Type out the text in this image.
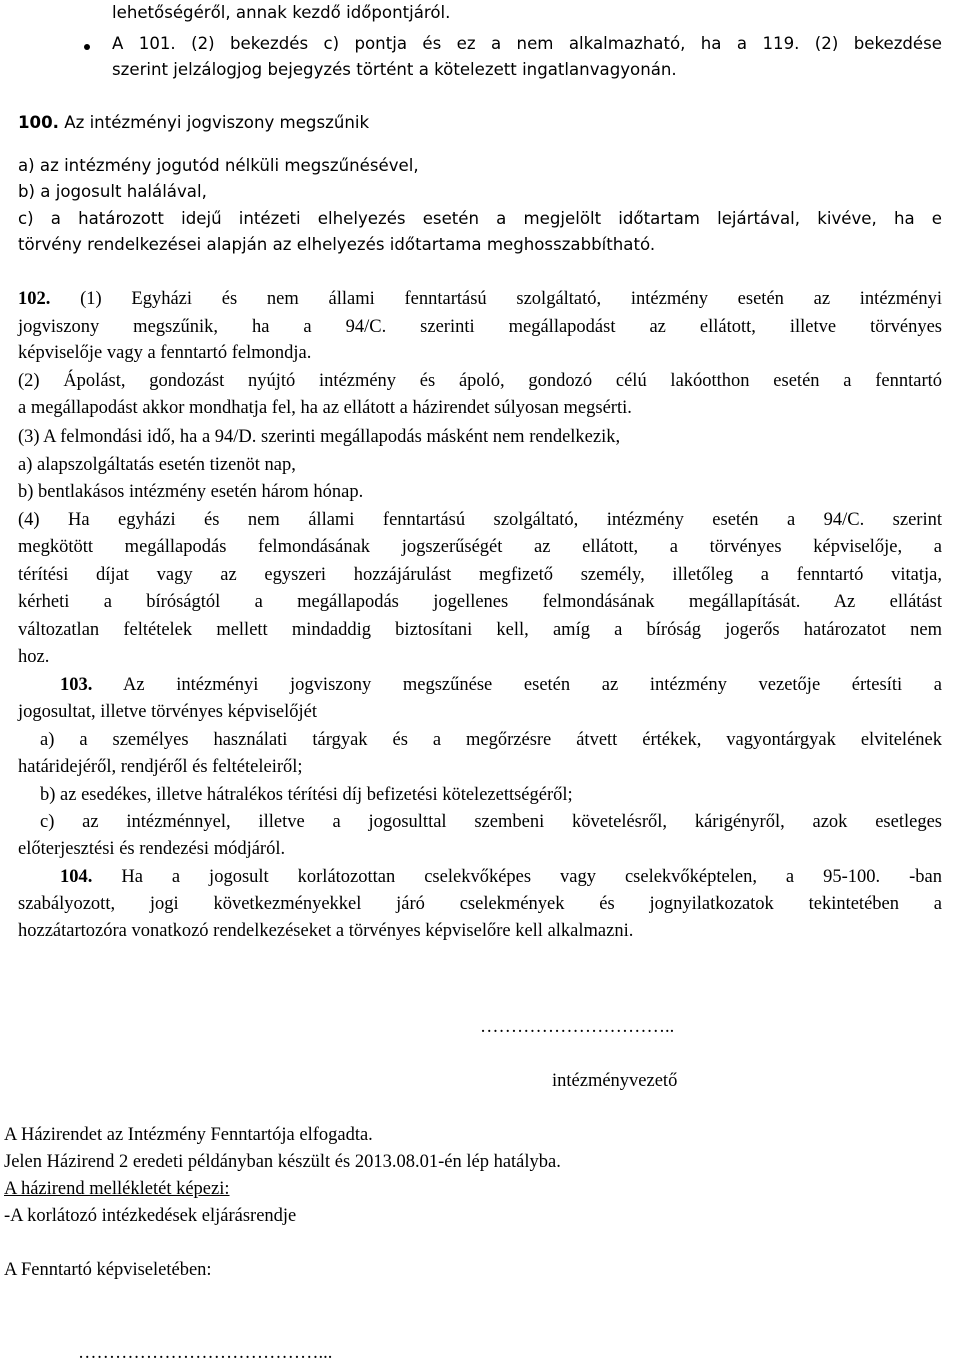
lehetőségéről, annak kezdő időpontjáról.
A 101. (2) bekezdés c) pontja és ez a nem alkalmazható, ha a 119. (2) bekezdése
szerint jelzálogjog bejegyzés történt a kötelezett ingatlanvagyonán.
100. Az intézményi jogviszony megszűnik
a) az intézmény jogutód nélküli megszűnésével,
b) a jogosult halálával,
c) a határozott idejű intézeti elhelyezés esetén a megjelölt időtartam lejártával, kivéve, ha e
törvény rendelkezései alapján az elhelyezés időtartama meghosszabbítható.
102. (1) Egyházi és nem állami fenntartású szolgáltató, intézmény esetén az intézményi
jogviszony megszűnik, ha a 94/C. szerinti megállapodást az ellátott, illetve törvényes
képviselője vagy a fenntartó felmondja.
(2) Ápolást, gondozást nyújtó intézmény és ápoló, gondozó célú lakóotthon esetén a fenntartó
a megállapodást akkor mondhatja fel, ha az ellátott a házirendet súlyosan megsérti.
(3) A felmondási idő, ha a 94/D. szerinti megállapodás másként nem rendelkezik,
a) alapszolgáltatás esetén tizenöt nap,
b) bentlakásos intézmény esetén három hónap.
(4) Ha egyházi és nem állami fenntartású szolgáltató, intézmény esetén a 94/C. szerint
megkötött megállapodás felmondásának jogszerűségét az ellátott, a törvényes képviselője, a
térítési díjat vagy az egyszeri hozzájárulást megfizető személy, illetőleg a fenntartó vitatja,
kérheti a bíróságtól a megállapodás jogellenes felmondásának megállapítását. Az ellátást
változatlan feltételek mellett mindaddig biztosítani kell, amíg a bíróság jogerős határozatot nem
hoz.
103. Az intézményi jogviszony megszűnése esetén az intézmény vezetője értesíti a
jogosultat, illetve törvényes képviselőjét
a) a személyes használati tárgyak és a megőrzésre átvett értékek, vagyontárgyak elvitelének
határidejéről, rendjéről és feltételeiről;
b) az esedékes, illetve hátralékos térítési díj befizetési kötelezettségéről;
c) az intézménnyel, illetve a jogosulttal szembeni követelésről, kárigényről, azok esetleges
előterjesztési és rendezési módjáról.
104. Ha a jogosult korlátozottan cselekvőképes vagy cselekvőképtelen, a 95-100. -ban
szabályozott, jogi következményekkel járó cselekmények és jognyilatkozatok tekintetében a
hozzátartozóra vonatkozó rendelkezéseket a törvényes képviselőre kell alkalmazni.
…………………………..
intézményvezető
A Házirendet az Intézmény Fenntartója elfogadta.
Jelen Házirend 2 eredeti példányban készült és 2013.08.01-én lép hatályba.
A házirend mellékletét képezi:
-A korlátozó intézkedések eljárásrendje
A Fenntartó képviseletében:
…………………………………...
